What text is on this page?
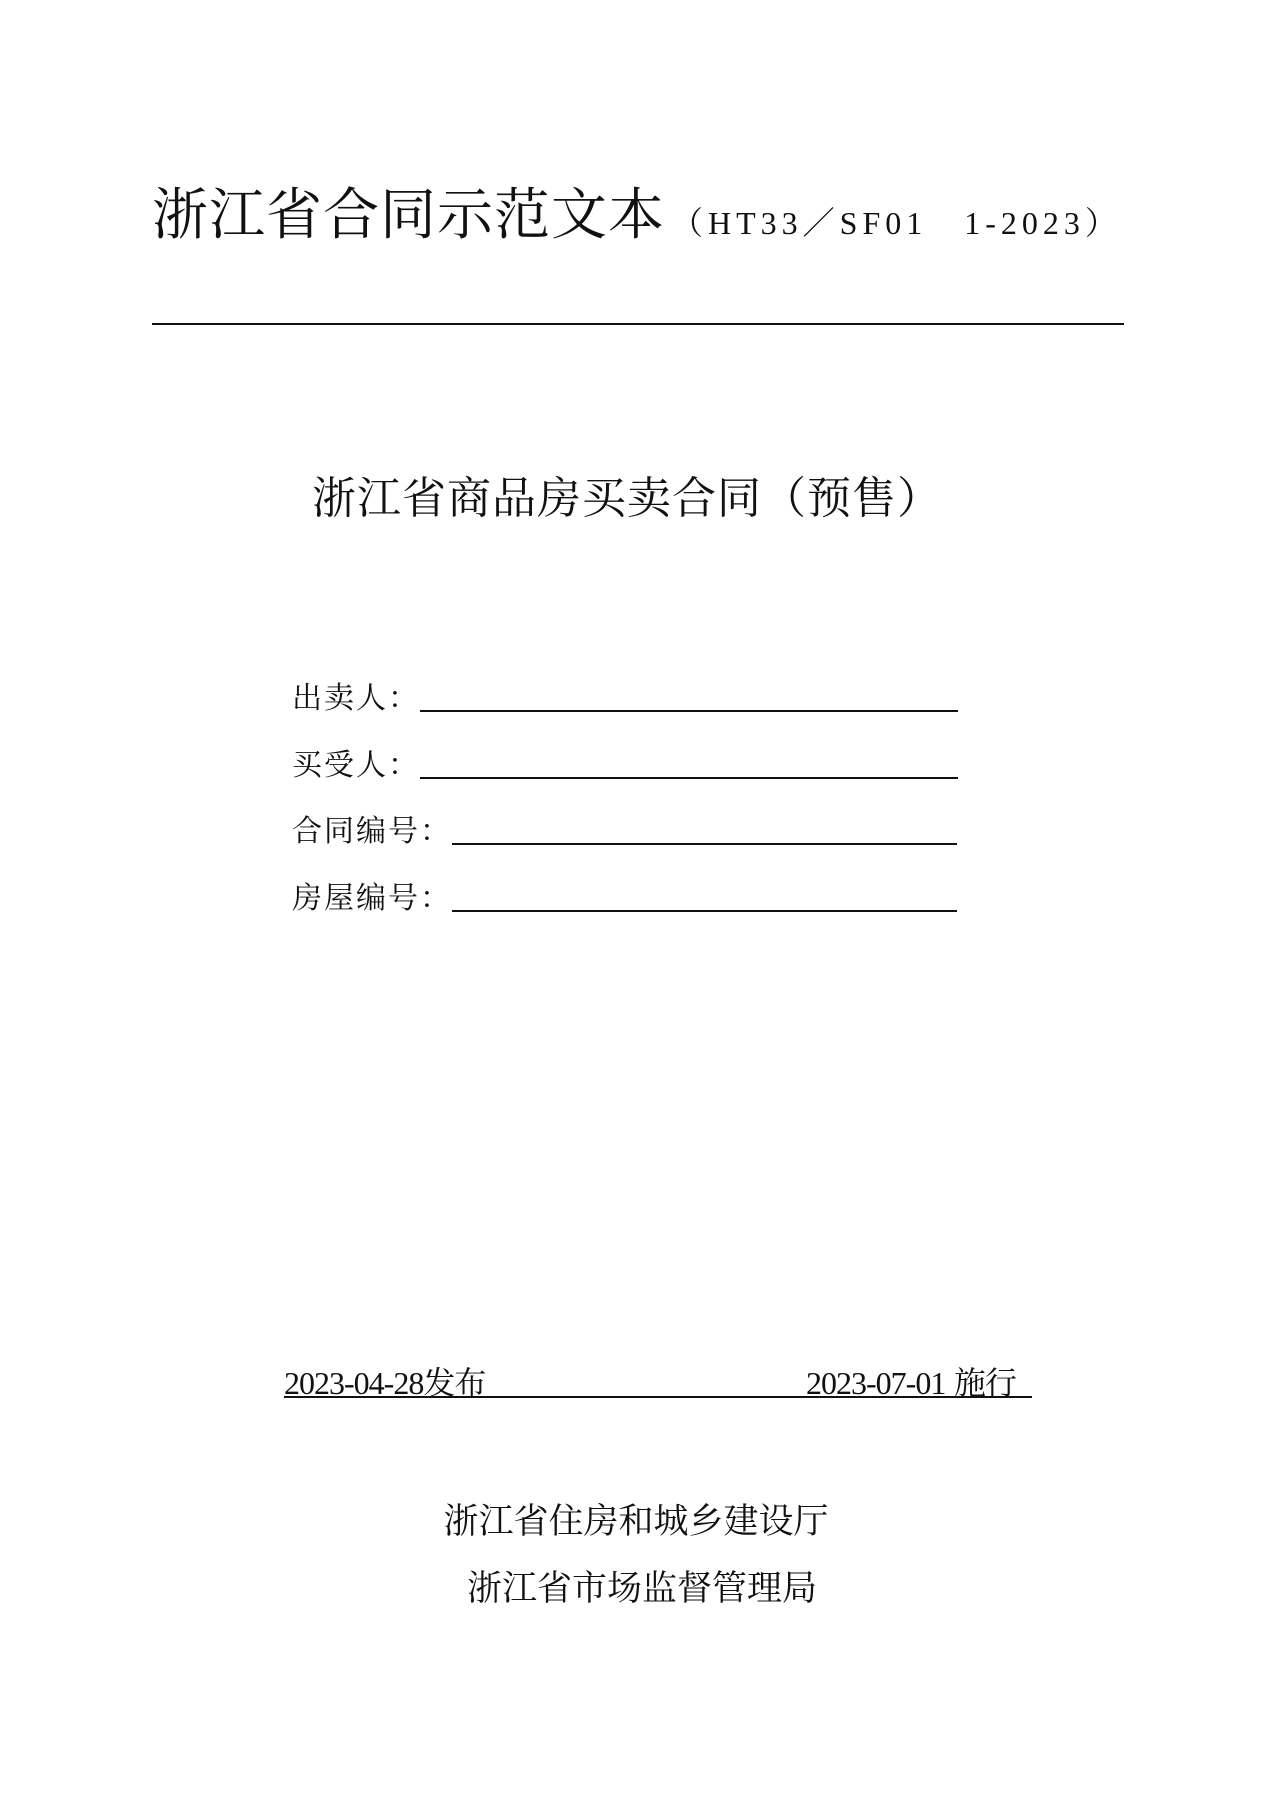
浙江省合同示范文本 （HT33／SF01　1-2023）
浙江省商品房买卖合同（预售）
出卖人：
买受人：
合同编号：
房屋编号：
2023-04-28发布	2023-07-01 施行
浙江省住房和城乡建设厅
浙江省市场监督管理局
